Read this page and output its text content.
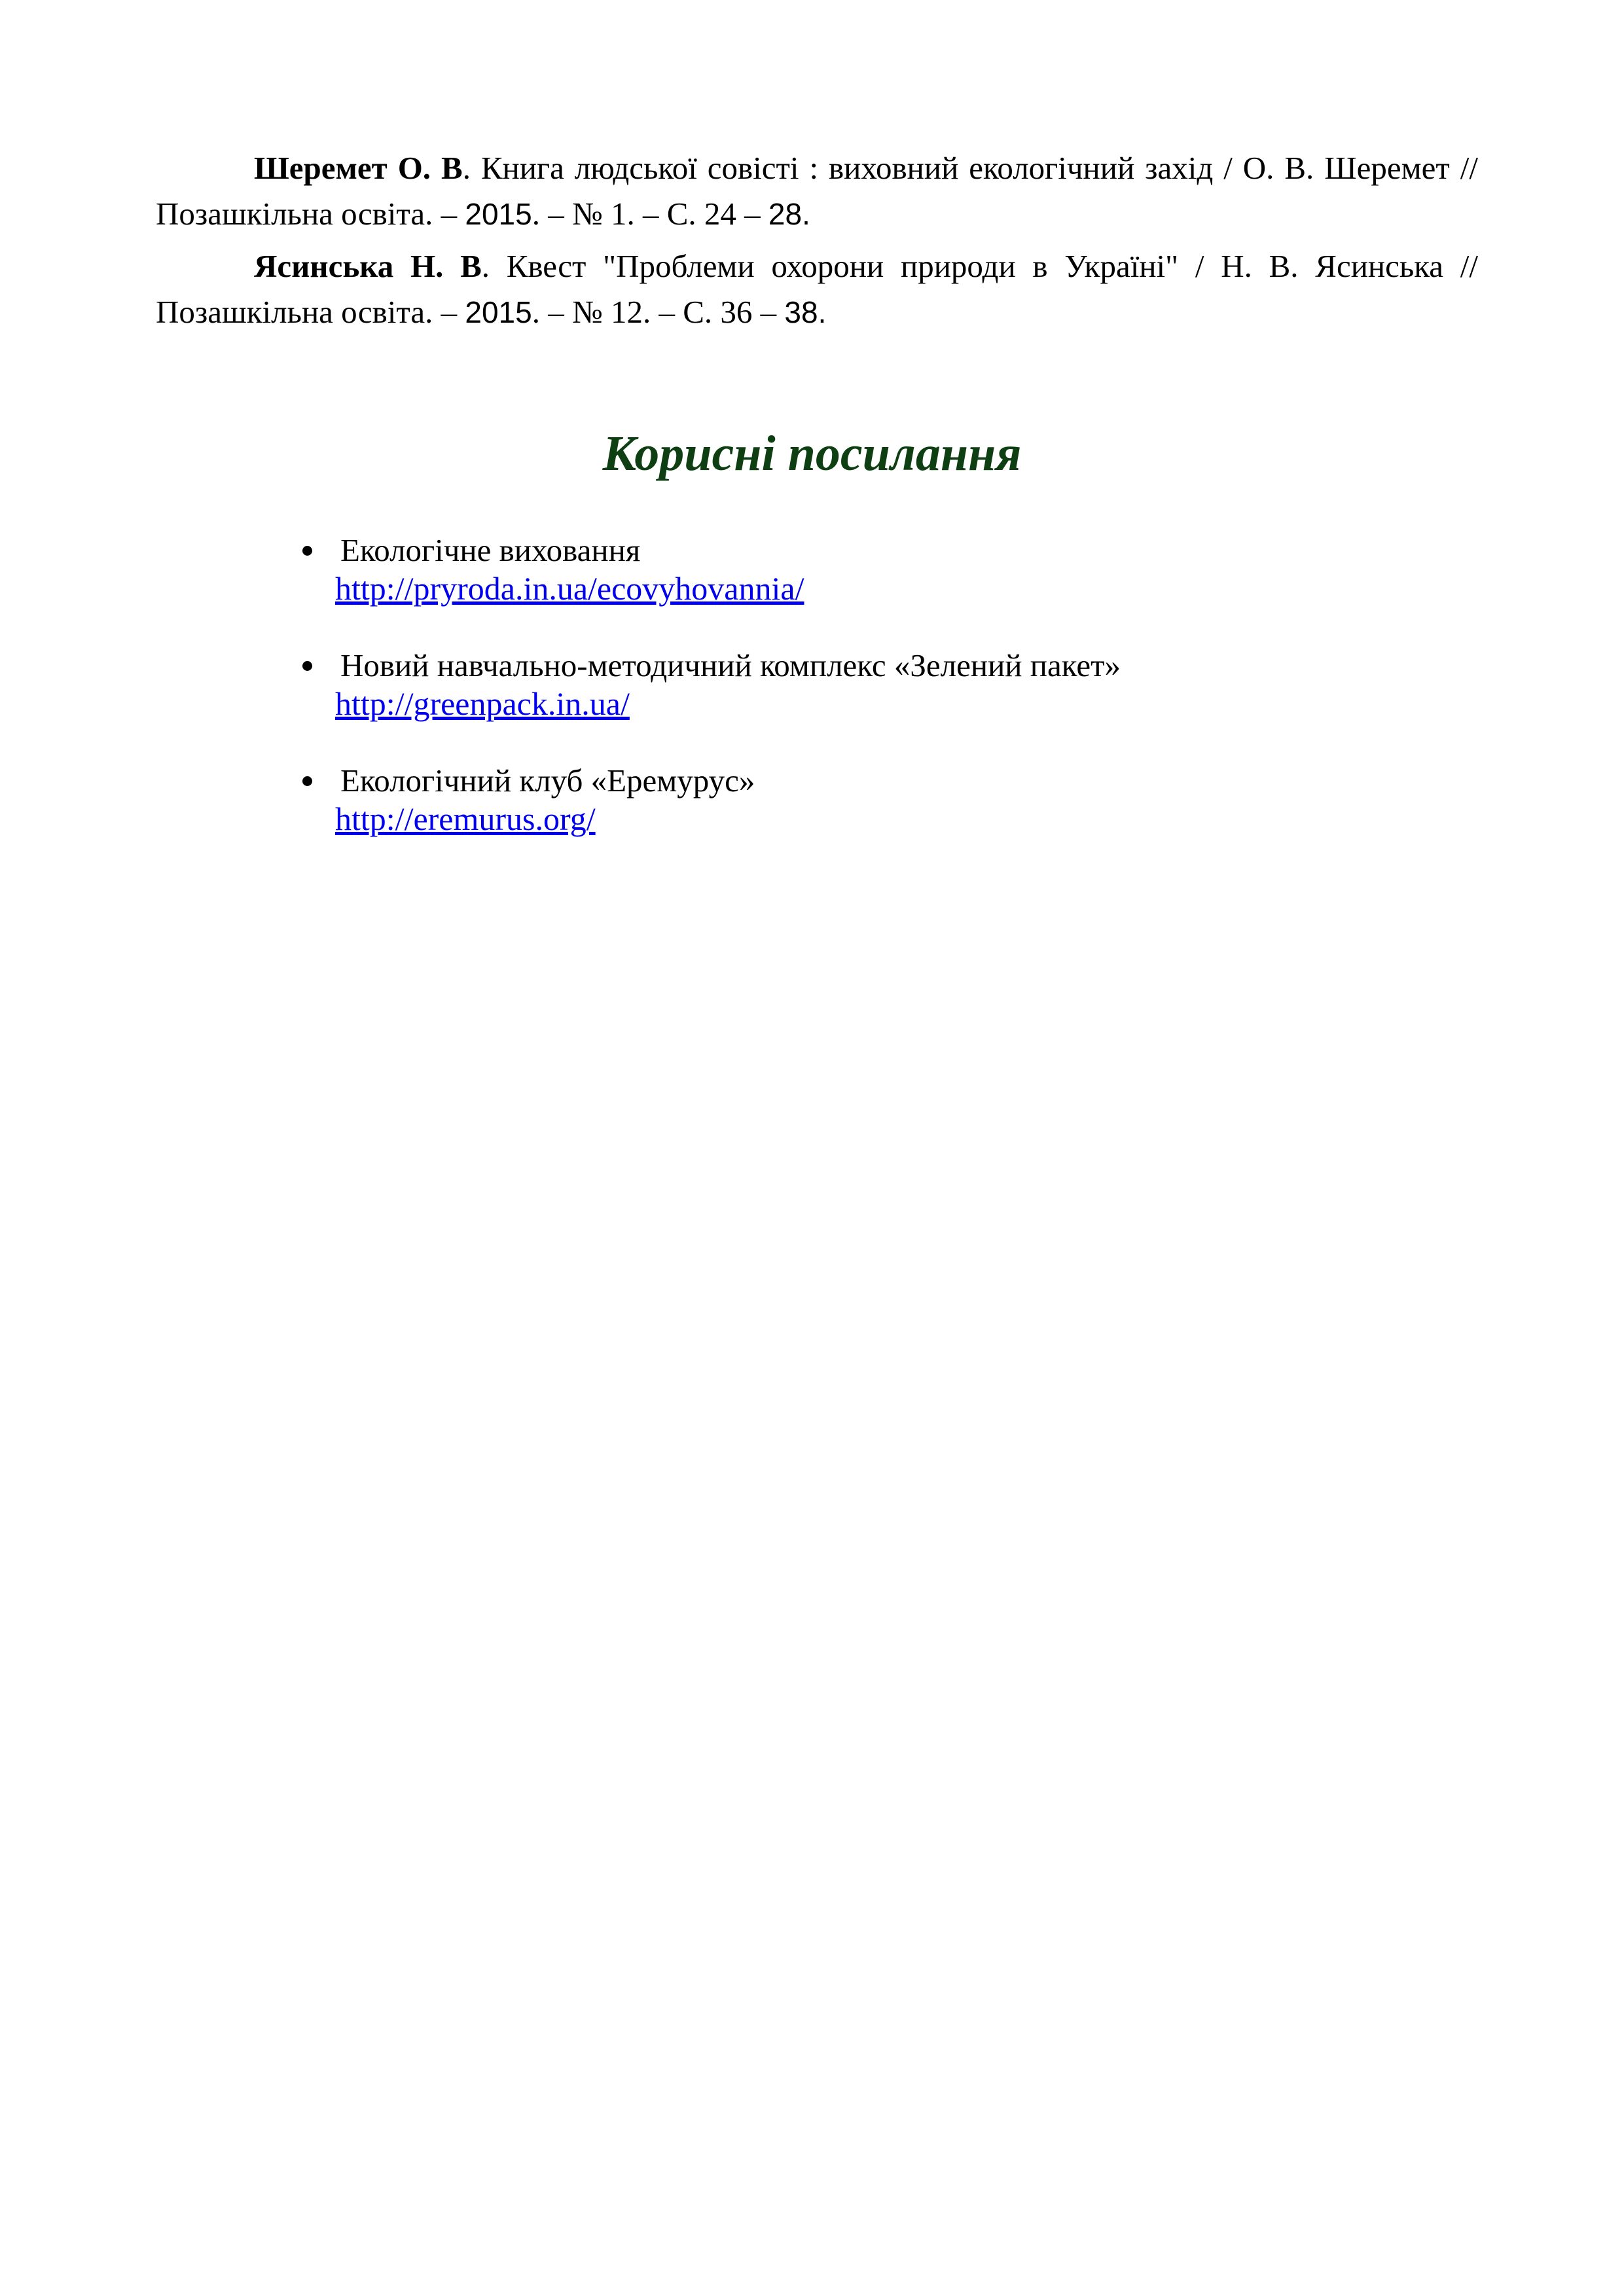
Шеремет О. В. Книга людської совісті : виховний екологічний захід / О. В. Шеремет // Позашкільна освіта. – 2015. – № 1. – С. 24 – 28.

Ясинська Н. В. Квест "Проблеми охорони природи в Україні" / Н. В. Ясинська // Позашкільна освіта. – 2015. – № 12. – С. 36 – 38.

Корисні посилання
Екологічне виховання
http://pryroda.in.ua/ecovyhovannia/
Новий навчально-методичний комплекс «Зелений пакет»
http://greenpack.in.ua/
Екологічний клуб «Еремурус»
http://eremurus.org/
